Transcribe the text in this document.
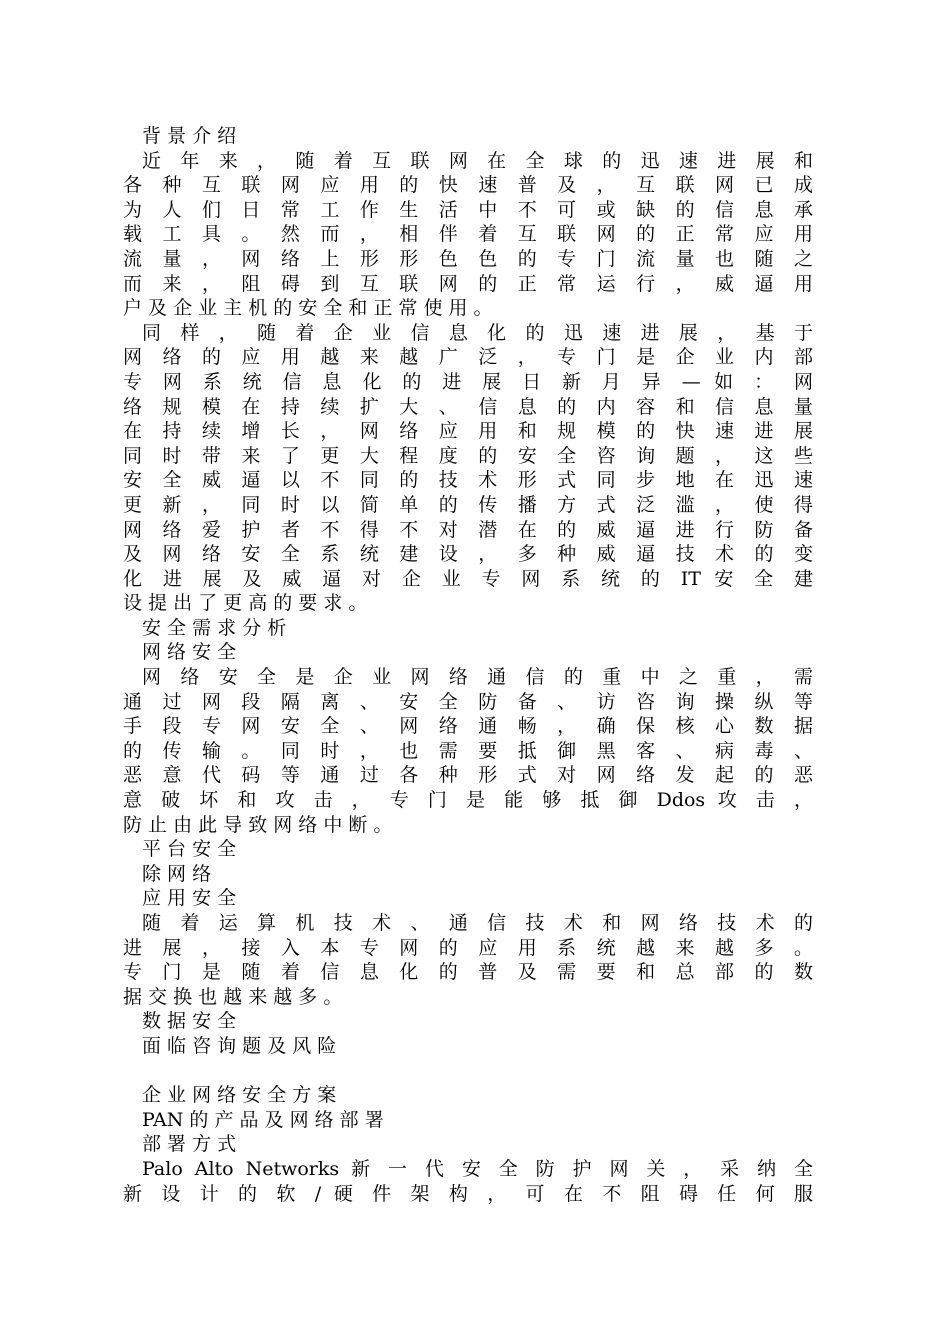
背 景 介 绍
近 年 来 ， 随 着 互 联 网 在 全 球 的 迅 速 进 展 和
各 种 互 联 网 应 用 的 快 速 普 及 ， 互 联 网 已 成
为 人 们 日 常 工 作 生 活 中 不 可 或 缺 的 信 息 承
载 工 具 。 然 而 ， 相 伴 着 互 联 网 的 正 常 应 用
流 量 ， 网 络 上 形 形 色 色 的 专 门 流 量 也 随 之
而 来 ， 阻 碍 到 互 联 网 的 正 常 运 行 ， 威 逼 用
户 及 企 业 主 机 的 安 全 和 正 常 使 用 。
同 样 ， 随 着 企 业 信 息 化 的 迅 速 进 展 ， 基 于
网 络 的 应 用 越 来 越 广 泛 ， 专 门 是 企 业 内 部
专 网 系 统 信 息 化 的 进 展 日 新 月 异 — 如 ： 网
络 规 模 在 持 续 扩 大 、 信 息 的 内 容 和 信 息 量
在 持 续 增 长 ， 网 络 应 用 和 规 模 的 快 速 进 展
同 时 带 来 了 更 大 程 度 的 安 全 咨 询 题 ， 这 些
安 全 威 逼 以 不 同 的 技 术 形 式 同 步 地 在 迅 速
更 新 ， 同 时 以 简 单 的 传 播 方 式 泛 滥 ， 使 得
网 络 爱 护 者 不 得 不 对 潜 在 的 威 逼 进 行 防 备
及 网 络 安 全 系 统 建 设 ， 多 种 威 逼 技 术 的 变
化 进 展 及 威 逼 对 企 业 专 网 系 统 的 IT 安 全 建
设 提 出 了 更 高 的 要 求 。
安 全 需 求 分 析
网 络 安 全
网 络 安 全 是 企 业 网 络 通 信 的 重 中 之 重 ， 需
通 过 网 段 隔 离 、 安 全 防 备 、 访 咨 询 操 纵 等
手 段 专 网 安 全 、 网 络 通 畅 ， 确 保 核 心 数 据
的 传 输 。 同 时 ， 也 需 要 抵 御 黑 客 、 病 毒 、
恶 意 代 码 等 通 过 各 种 形 式 对 网 络 发 起 的 恶
意 破 坏 和 攻 击 ， 专 门 是 能 够 抵 御 Ddos 攻 击 ，
防 止 由 此 导 致 网 络 中 断 。
平 台 安 全
除 网 络
应 用 安 全
随 着 运 算 机 技 术 、 通 信 技 术 和 网 络 技 术 的
进 展 ， 接 入 本 专 网 的 应 用 系 统 越 来 越 多 。
专 门 是 随 着 信 息 化 的 普 及 需 要 和 总 部 的 数
据 交 换 也 越 来 越 多 。
数 据 安 全
面 临 咨 询 题 及 风 险
企 业 网 络 安 全 方 案
PAN 的 产 品 及 网 络 部 署
部 署 方 式
Palo Alto Networks 新 一 代 安 全 防 护 网 关 ， 采 纳 全
新 设 计 的 软 / 硬 件 架 构 ， 可 在 不 阻 碍 任 何 服
